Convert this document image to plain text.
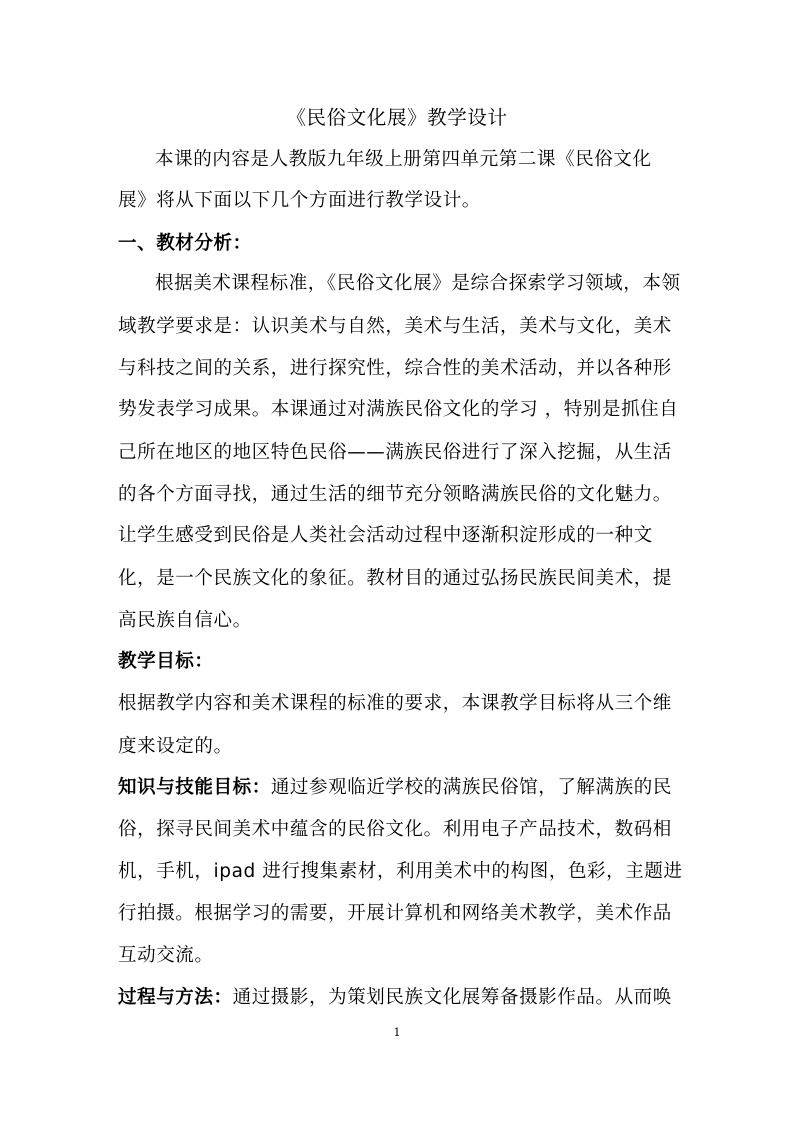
《民俗文化展》教学设计
本课的内容是人教版九年级上册第四单元第二课《民俗文化
展》将从下面以下几个方面进行教学设计。
一、教材分析：
根据美术课程标准，《民俗文化展》是综合探索学习领域，本领
域教学要求是：认识美术与自然，美术与生活，美术与文化，美术
与科技之间的关系，进行探究性，综合性的美术活动，并以各种形
势发表学习成果。本课通过对满族民俗文化的学习 ，特别是抓住自
己所在地区的地区特色民俗——满族民俗进行了深入挖掘，从生活
的各个方面寻找，通过生活的细节充分领略满族民俗的文化魅力。
让学生感受到民俗是人类社会活动过程中逐渐积淀形成的一种文
化，是一个民族文化的象征。教材目的通过弘扬民族民间美术，提
高民族自信心。
教学目标：
根据教学内容和美术课程的标准的要求，本课教学目标将从三个维
度来设定的。
知识与技能目标：通过参观临近学校的满族民俗馆，了解满族的民
俗，探寻民间美术中蕴含的民俗文化。利用电子产品技术，数码相
机，手机，ipad 进行搜集素材，利用美术中的构图，色彩，主题进
行拍摄。根据学习的需要，开展计算机和网络美术教学，美术作品
互动交流。
过程与方法：通过摄影，为策划民族文化展筹备摄影作品。从而唤
1
